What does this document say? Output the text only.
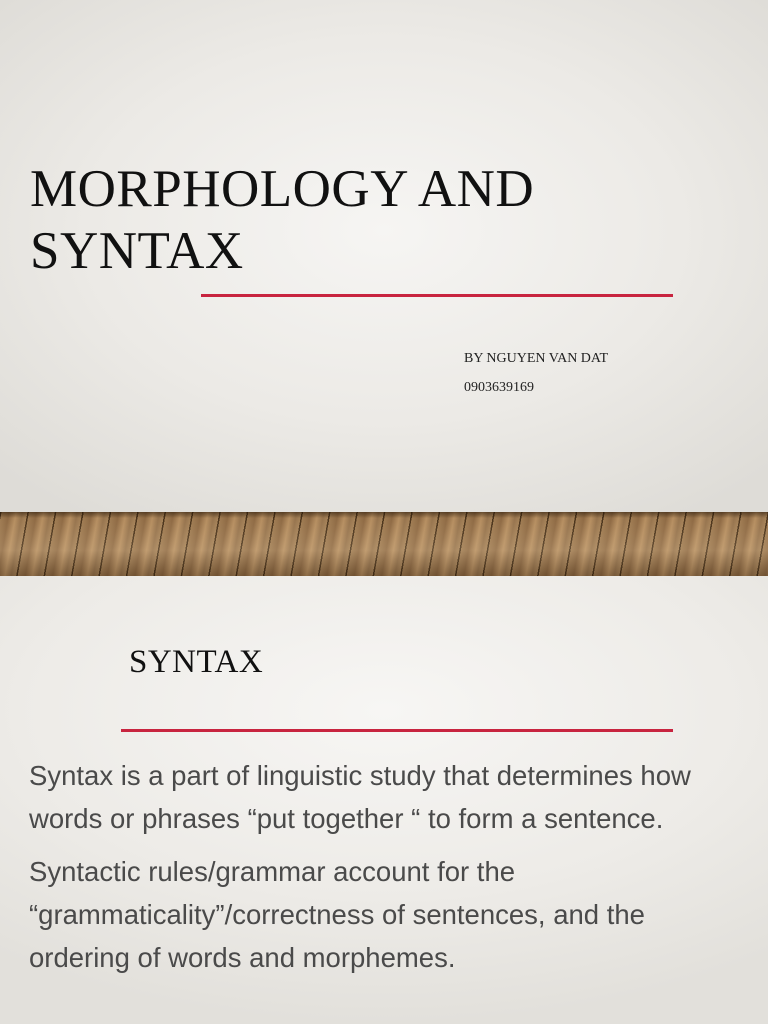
MORPHOLOGY AND
SYNTAX
BY NGUYEN VAN DAT
0903639169
SYNTAX

Syntax is a part of linguistic study that determines how words or phrases “put together “ to form a sentence.

Syntactic rules/grammar account for the “grammaticality”/correctness of sentences, and the ordering of words and morphemes.
